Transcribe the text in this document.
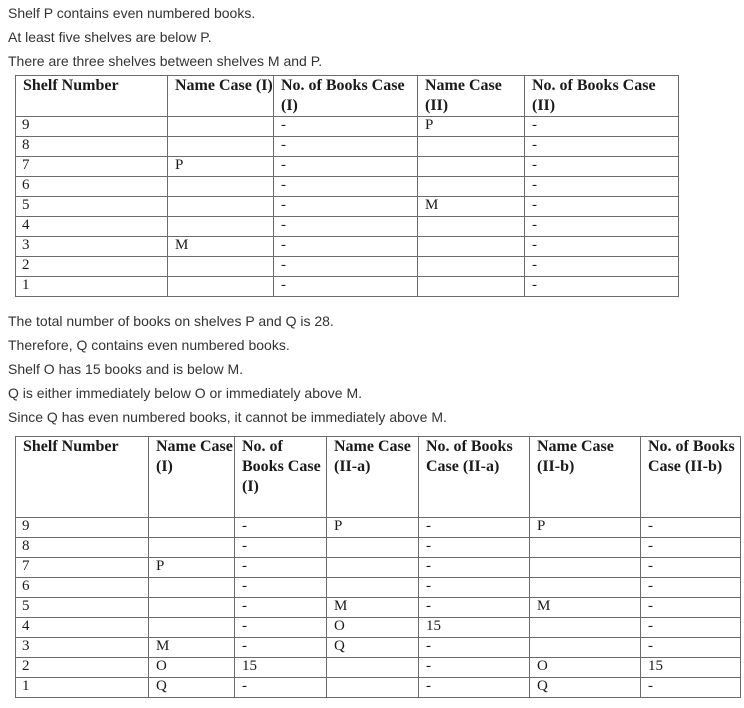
Shelf P contains even numbered books.
At least five shelves are below P.
There are three shelves between shelves M and P.
Shelf Number	Name Case (I)	No. of Books Case (I)	Name Case (II)	No. of Books Case (II)
9		-	P	-
8		-		-
7	P	-		-
6		-		-
5		-	M	-
4		-		-
3	M	-		-
2		-		-
1		-		-
The total number of books on shelves P and Q is 28.
Therefore, Q contains even numbered books.
Shelf O has 15 books and is below M.
Q is either immediately below O or immediately above M.
Since Q has even numbered books, it cannot be immediately above M.
Shelf Number	Name Case (I)	No. of Books Case (I)	Name Case (II-a)	No. of Books Case (II-a)	Name Case (II-b)	No. of Books Case (II-b)
9		-	P	-	P	-
8		-		-		-
7	P	-		-		-
6		-		-		-
5		-	M	-	M	-
4		-	O	15		-
3	M	-	Q	-		-
2	O	15		-	O	15
1	Q	-		-	Q	-
